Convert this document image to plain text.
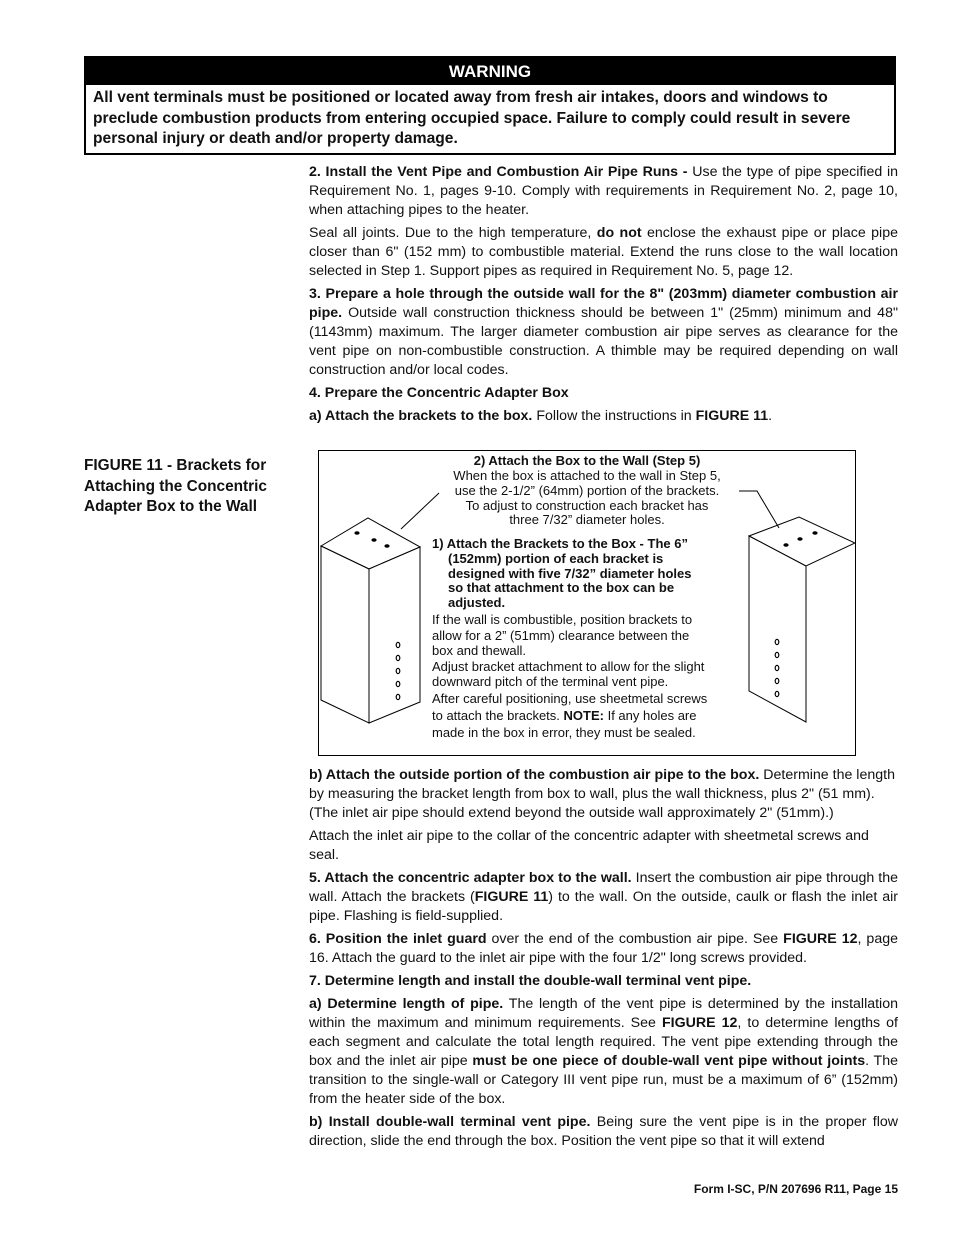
WARNING
All vent terminals must be positioned or located away from fresh air intakes, doors and windows to preclude combustion products from entering occupied space. Failure to comply could result in severe personal injury or death and/or property damage.

2. Install the Vent Pipe and Combustion Air Pipe Runs - Use the type of pipe specified in Requirement No. 1, pages 9-10. Comply with requirements in Requirement No. 2, page 10, when attaching pipes to the heater.

Seal all joints. Due to the high temperature, do not enclose the exhaust pipe or place pipe closer than 6" (152 mm) to combustible material. Extend the runs close to the wall location selected in Step 1. Support pipes as required in Requirement No. 5, page 12.

3. Prepare a hole through the outside wall for the 8" (203mm) diameter combustion air pipe. Outside wall construction thickness should be between 1" (25mm) minimum and 48" (1143mm) maximum. The larger diameter combustion air pipe serves as clearance for the vent pipe on non-combustible construction. A thimble may be required depending on wall construction and/or local codes.

4. Prepare the Concentric Adapter Box

a) Attach the brackets to the box. Follow the instructions in FIGURE 11.

FIGURE 11 - Brackets for Attaching the Concentric Adapter Box to the Wall
2) Attach the Box to the Wall (Step 5)
When the box is attached to the wall in Step 5,
use the 2-1/2” (64mm) portion of the brackets.
To adjust to construction each bracket has
three 7/32” diameter holes.
1) Attach the Brackets to the Box - The 6”
(152mm) portion of each bracket is
designed with five 7/32” diameter holes
so that attachment to the box can be
adjusted.
If the wall is combustible, position brackets to
allow for a 2” (51mm) clearance between the
box and thewall.
Adjust bracket attachment to allow for the slight
downward pitch of the terminal vent pipe.
After careful positioning, use sheetmetal screws
to attach the brackets. NOTE: If any holes are
made in the box in error, they must be sealed.

b) Attach the outside portion of the combustion air pipe to the box. Determine the length by measuring the bracket length from box to wall, plus the wall thickness, plus 2" (51 mm). (The inlet air pipe should extend beyond the outside wall approximately 2" (51mm).)

Attach the inlet air pipe to the collar of the concentric adapter with sheetmetal screws and seal.

5. Attach the concentric adapter box to the wall. Insert the combustion air pipe through the wall. Attach the brackets (FIGURE 11) to the wall. On the outside, caulk or flash the inlet air pipe. Flashing is field-supplied.

6. Position the inlet guard over the end of the combustion air pipe. See FIGURE 12, page 16. Attach the guard to the inlet air pipe with the four 1/2" long screws provided.

7. Determine length and install the double-wall terminal vent pipe.

a) Determine length of pipe. The length of the vent pipe is determined by the installation within the maximum and minimum requirements. See FIGURE 12, to determine lengths of each segment and calculate the total length required. The vent pipe extending through the box and the inlet air pipe must be one piece of double-wall vent pipe without joints. The transition to the single-wall or Category III vent pipe run, must be a maximum of 6” (152mm) from the heater side of the box.

b) Install double-wall terminal vent pipe. Being sure the vent pipe is in the proper flow direction, slide the end through the box. Position the vent pipe so that it will extend

Form I-SC, P/N 207696 R11, Page 15
